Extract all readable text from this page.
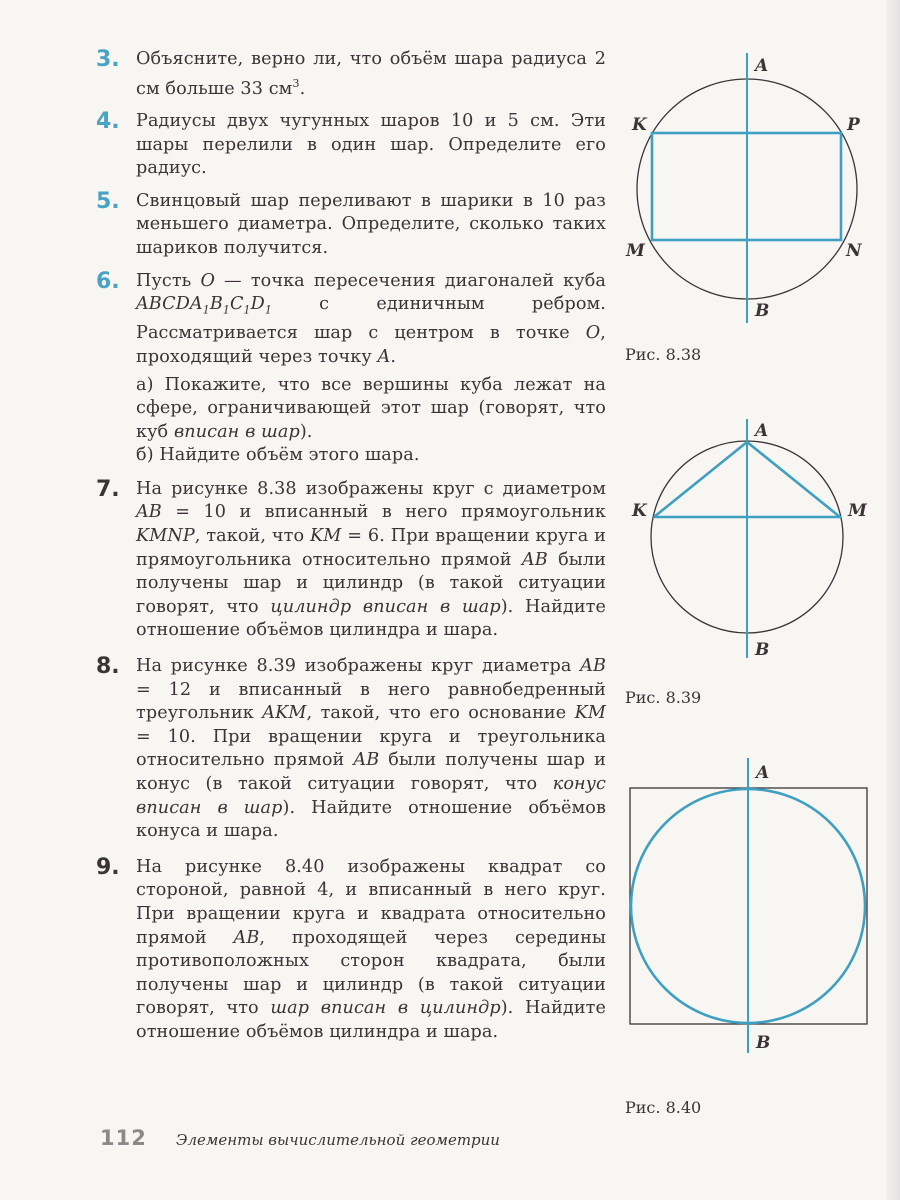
3. Объясните, верно ли, что объём шара радиуса 2 см больше 33 $см^3$.

4. Радиусы двух чугунных шаров 10 и 5 см. Эти шары перелили в один шар. Определите его радиус.

5. Свинцовый шар переливают в шарики в 10 раз меньшего диаметра. Определите, сколько таких шариков получится.

6. Пусть O — точка пересечения диагоналей куба $ABCDA_1B_1C_1D_1$ с единичным ребром. Рассматривается шар с центром в точке O, проходящий через точку A.

а) Покажите, что все вершины куба лежат на сфере, ограничивающей этот шар (говорят, что куб вписан в шар).

б) Найдите объём этого шара.

7. На рисунке 8.38 изображены круг с диаметром AB = 10 и вписанный в него прямоугольник KMNP, такой, что KM = 6. При вращении круга и прямоугольника относительно прямой AB были получены шар и цилиндр (в такой ситуации говорят, что цилиндр вписан в шар). Найдите отношение объёмов цилиндра и шара.

8. На рисунке 8.39 изображены круг диаметра AB = 12 и вписанный в него равнобедренный треугольник AKM, такой, что его основание KM = 10. При вращении круга и треугольника относительно прямой AB были получены шар и конус (в такой ситуации говорят, что конус вписан в шар). Найдите отношение объёмов конуса и шара.

9. На рисунке 8.40 изображены квадрат со стороной, равной 4, и вписанный в него круг. При вращении круга и квадрата относительно прямой AB, проходящей через середины противоположных сторон квадрата, были получены шар и цилиндр (в такой ситуации говорят, что шар вписан в цилиндр). Найдите отношение объёмов цилиндра и шара.

A
B
K	P
M	N
Рис. 8.38
A
B
K	M
Рис. 8.39
A
B
Рис. 8.40
112 Элементы вычислительной геометрии
